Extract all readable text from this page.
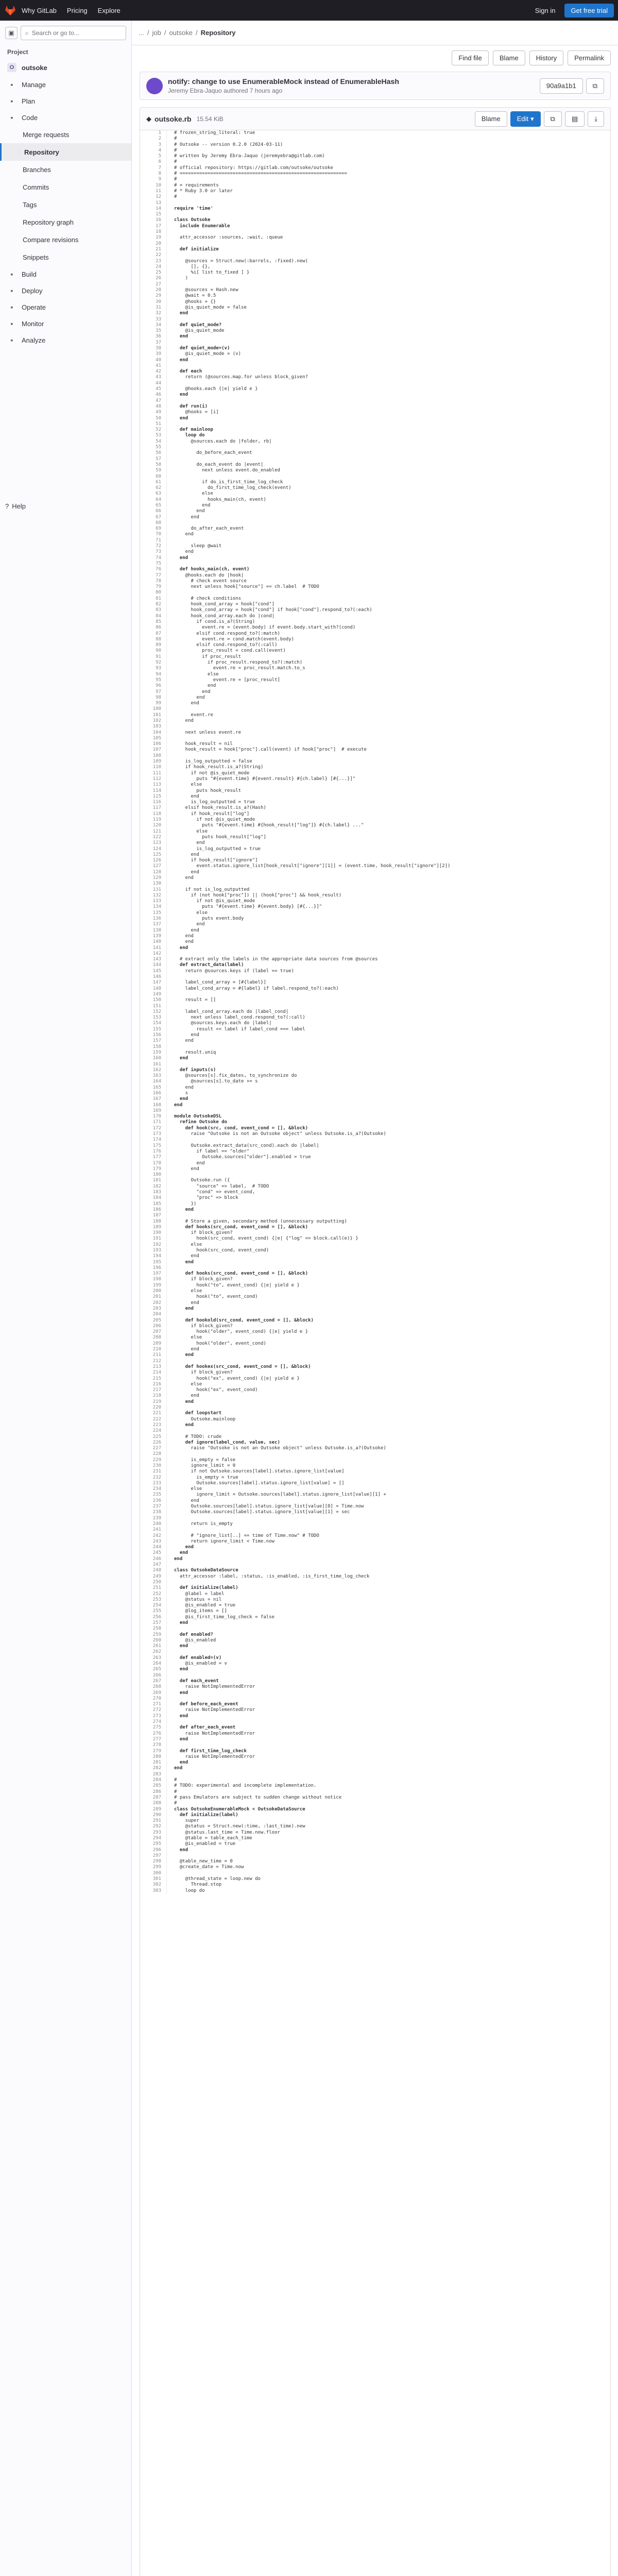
Why GitLab Pricing Explore	Sign in	Get free trial
▣	⌕ Search or go to...
Project
O	outsoke
▪	Manage
▪	Plan
▪	Code
Merge requests
Repository
Branches
Commits
Tags
Repository graph
Compare revisions
Snippets
▪	Build
▪	Deploy
▪	Operate
▪	Monitor
▪	Analyze
? Help
... / job / outsoke / Repository
Find file	Blame	History	Permalink
notify: change to use EnumerableMock instead of EnumerableHash
Jeremy Ebra-Jaquo authored 7 hours ago
90a9a1b1	⧉
◆ outsoke.rb 15.54 KiB	Blame	Edit ▾	⧉	▤	⤓
1	# frozen_string_literal: true
2	#
3	# Outsoke -- version 0.2.0 (2024-03-11)
4	#
5	# written by Jeremy Ebra-Jaquo (jeremyebra@gitlab.com)
6	#
7	# official repository: https://gitlab.com/outsoke/outsoke
8	# ============================================================
9	#
10	# = requirements
11	# * Ruby 3.0 or later
12	#
13
14	require 'time'
15
16	class Outsoke
17	include Enumerable
18
19	attr_accessor :sources, :wait, :queue
20
21	def initialize
22
23	@sources = Struct.new(:barrels, :fixed).new(
24	[], {},
25	%i[ list to_fixed ] }
26	)
27
28	@sources = Hash.new
29	@wait = 0.5
30	@hooks = {}
31	@is_quiet_mode = false
32	end
33
34	def quiet_mode?
35	@is_quiet_mode
36	end
37
38	def quiet_mode=(v)
39	@is_quiet_mode = (v)
40	end
41
42	def each
43	return (@sources.map.for unless block_given?
44
45	@hooks.each {|e| yield e }
46	end
47
48	def run(i)
49	@hooks = [i]
50	end
51
52	def mainloop
53	loop do
54	@sources.each do |folder, rb|
55
56	do_before_each_event
57
58	do_each_event do |event|
59	next unless event.do_enabled
60
61	if do_is_first_time_log_check
62	do_first_time_log_check(event)
63	else
64	hooks_main(ch, event)
65	end
66	end
67	end
68
69	do_after_each_event
70	end
71
72	sleep @wait
73	end
74	end
75
76	def hooks_main(ch, event)
77	@hooks.each do |hook|
78	# check event source
79	next unless hook["source"] == ch.label  # TODO
80
81	# check conditions
82	hook_cond_array = hook["cond"]
83	hook_cond_array = hook["cond"] if hook["cond"].respond_to?(:each)
84	hook_cond_array.each do |cond|
85	if cond.is_a?(String)
86	event.re = (event.body) if event.body.start_with?(cond)
87	elsif cond.respond_to?(:match)
88	event.re = cond.match(event.body)
89	elsif cond.respond_to?(:call)
90	proc_result = cond.call(event)
91	if proc_result
92	if proc_result.respond_to?(:match)
93	event.re = proc_result.match.to_s
94	else
95	event.re = [proc_result]
96	end
97	end
98	end
99	end
100
101	event.re
102	end
103
104	next unless event.re
105
106	hook_result = nil
107	hook_result = hook["proc"].call(event) if hook["proc"]  # execute
108
109	is_log_outputted = false
110	if hook_result.is_a?(String)
111	if not @is_quiet_mode
112	puts "#{event.time} #{event.result} #{ch.label} [#{...}]"
113	else
114	puts hook_result
115	end
116	is_log_outputted = true
117	elsif hook_result.is_a?(Hash)
118	if hook_result["log"]
119	if not @is_quiet_mode
120	puts "#{event.time} #{hook_result["log"]} #{ch.label} ..."
121	else
122	puts hook_result["log"]
123	end
124	is_log_outputted = true
125	end
126	if hook_result["ignore"]
127	event.status.ignore_list[hook_result["ignore"][1]] = (event.time, hook_result["ignore"][2])
128	end
129	end
130
131	if not is_log_outputted
132	if (not hook["proc"]) || (hook["proc"] && hook_result)
133	if not @is_quiet_mode
134	puts "#{event.time} #{event.body} [#{...}]"
135	else
136	puts event.body
137	end
138	end
139	end
140	end
141	end
142
143	# extract only the labels in the appropriate data sources from @sources
144	def extract_data(label)
145	return @sources.keys if (label == true)
146
147	label_cond_array = [#{label}]
148	label_cond_array = #{label} if label.respond_to?(:each)
149
150	result = []
151
152	label_cond_array.each do |label_cond|
153	next unless label_cond.respond_to?(:call)
154	@sources.keys.each do |label|
155	result << label if label_cond === label
156	end
157	end
158
159	result.uniq
160	end
161
162	def inputs(s)
163	@sources[s].fix_dates, to_synchronize do
164	@sources[s].to_date += s
165	end
166	s
167	end
168	end
169
170	module OutsokeDSL
171	refine Outsoke do
172	def hook(src, cond, event_cond = [], &block)
173	raise "Outsoke is not an Outsoke object" unless Outsoke.is_a?(Outsoke)
174
175	Outsoke.extract_data(src_cond).each do |label|
176	if label == "older"
177	Outsoke.sources["older"].enabled = true
178	end
179	end
180
181	Outsoke.run ({
182	"source" => label,  # TODO
183	"cond" => event_cond,
184	"proc" => block
185	})
186	end
187
188	# Store a given, secondary method (unnecessary outputting)
189	def hooks(src_cond, event_cond = [], &block)
190	if block_given?
191	hook(src_cond, event_cond) {|e| {"log" => block.call(e)} }
192	else
193	hook(src_cond, event_cond)
194	end
195	end
196
197	def hooks(src_cond, event_cond = [], &block)
198	if block_given?
199	hook("to", event_cond) {|e| yield e }
200	else
201	hook("to", event_cond)
202	end
203	end
204
205	def hookold(src_cond, event_cond = [], &block)
206	if block_given?
207	hook("older", event_cond) {|e| yield e }
208	else
209	hook("older", event_cond)
210	end
211	end
212
213	def hookex(src_cond, event_cond = [], &block)
214	if block_given?
215	hook("ex", event_cond) {|e| yield e }
216	else
217	hook("ex", event_cond)
218	end
219	end
220
221	def loopstart
222	Outsoke.mainloop
223	end
224
225	# TODO: crude
226	def ignore(label_cond, value, sec)
227	raise "Outsoke is not an Outsoke object" unless Outsoke.is_a?(Outsoke)
228
229	is_empty = false
230	ignore_limit = 0
231	if not Outsoke.sources[label].status.ignore_list[value]
232	is_empty = true
233	Outsoke.sources[label].status.ignore_list[value] = []
234	else
235	ignore_limit = Outsoke.sources[label].status.ignore_list[value][1] +
236	end
237	Outsoke.sources[label].status.ignore_list[value][0] = Time.now
238	Outsoke.sources[label].status.ignore_list[value][1] = sec
239
240	return is_empty
241
242	# "ignore_list[..] == time of Time.now" # TODO
243	return ignore_limit < Time.now
244	end
245	end
246	end
247
248	class OutsokeDataSource
249	attr_accessor :label, :status, :is_enabled, :is_first_time_log_check
250
251	def initialize(label)
252	@label = label
253	@status = nil
254	@is_enabled = true
255	@log_items = []
256	@is_first_time_log_check = false
257	end
258
259	def enabled?
260	@is_enabled
261	end
262
263	def enabled=(v)
264	@is_enabled = v
265	end
266
267	def each_event
268	raise NotImplementedError
269	end
270
271	def before_each_event
272	raise NotImplementedError
273	end
274
275	def after_each_event
276	raise NotImplementedError
277	end
278
279	def first_time_log_check
280	raise NotImplementedError
281	end
282	end
283
284	#
285	# TODO: experimental and incomplete implementation.
286	#
287	# pass Emulators are subject to sudden change without notice
288	#
289	class OutsokeEnumerableMock < OutsokeDataSource
290	def initialize(label)
291	super
292	@status = Struct.new(:time, :last_time).new
293	@status.last_time = Time.now.floor
294	@table = table_each_time
295	@is_enabled = true
296	end
297
298	@table_new_time = 0
299	@create_date = Time.now
300
301	@thread_state = loop.new do
302	Thread.stop
303	loop do
